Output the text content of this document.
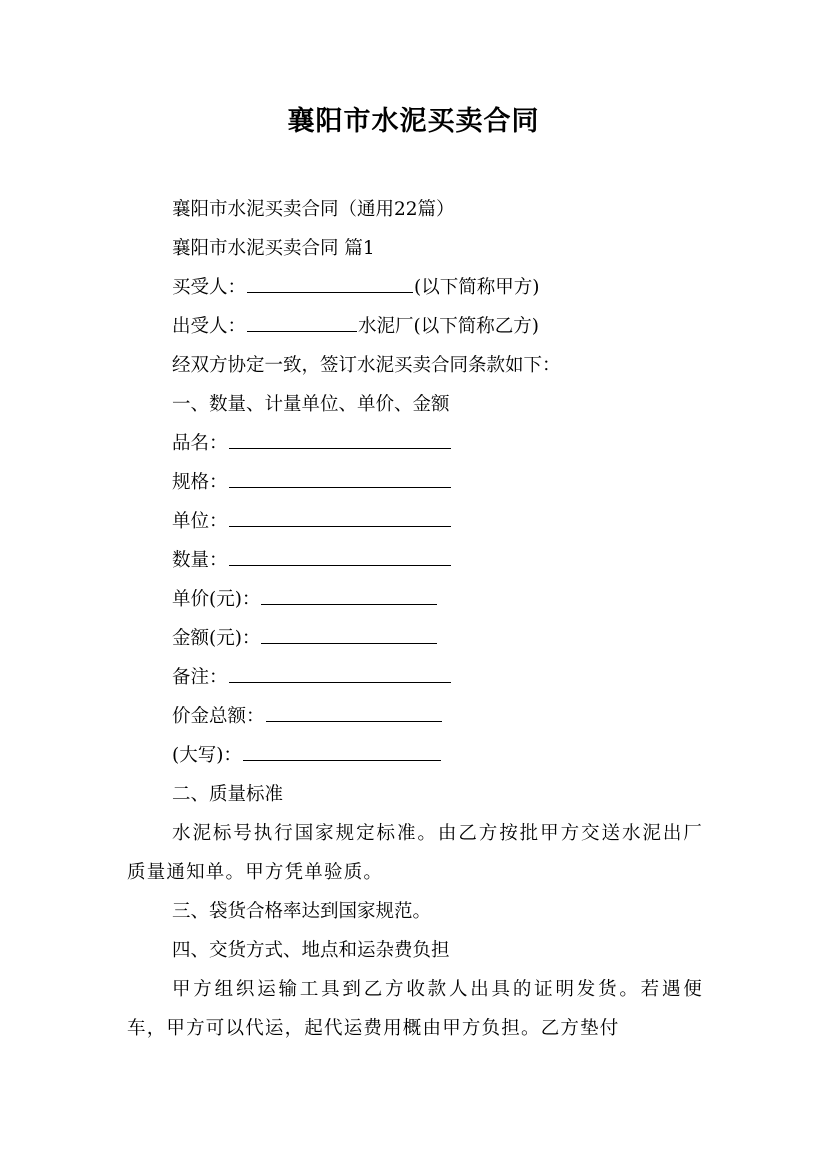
襄阳市水泥买卖合同
襄阳市水泥买卖合同（通用22篇）
襄阳市水泥买卖合同 篇1
买受人：	(以下简称甲方)
出受人：	水泥厂(以下简称乙方)
经双方协定一致，签订水泥买卖合同条款如下：
一、数量、计量单位、单价、金额
品名：
规格：
单位：
数量：
单价(元)：
金额(元)：
备注：
价金总额：
(大写)：
二、质量标准
水泥标号执行国家规定标准。由乙方按批甲方交送水泥出厂质量通知单。甲方凭单验质。
三、袋货合格率达到国家规范。
四、交货方式、地点和运杂费负担
甲方组织运输工具到乙方收款人出具的证明发货。若遇便车，甲方可以代运，起代运费用概由甲方负担。乙方垫付
